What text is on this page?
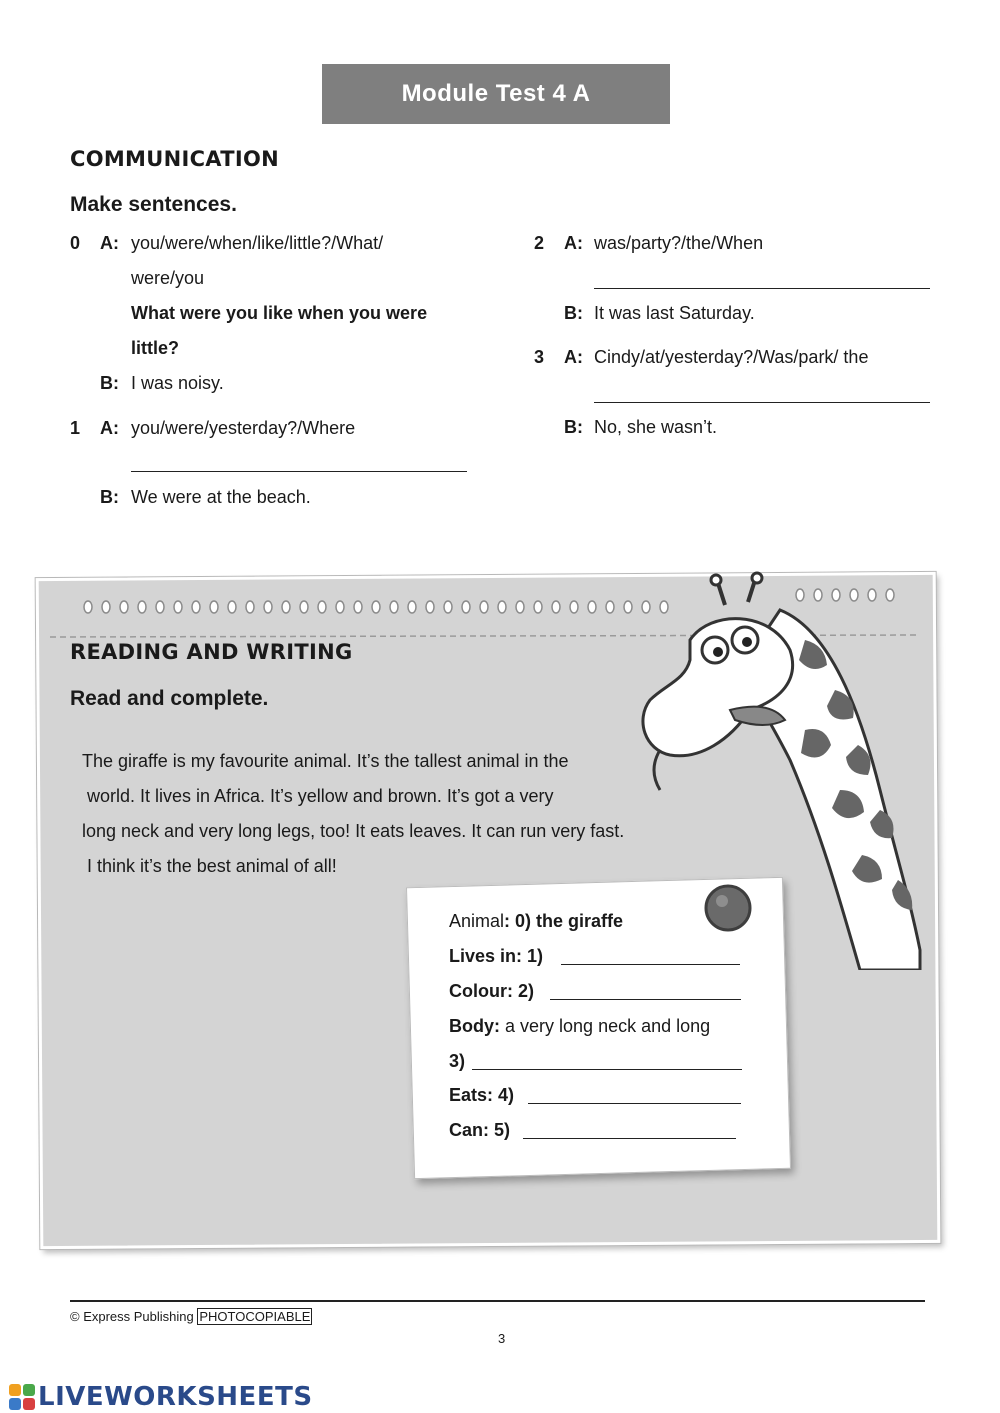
Module Test 4 A
COMMUNICATION
Make sentences.
0 A: you/were/when/like/little?/What/
were/you
What were you like when you were
little?
B: I was noisy.
1 A: you/were/yesterday?/Where
B: We were at the beach.
2 A: was/party?/the/When
B: It was last Saturday.
3 A: Cindy/at/yesterday?/Was/park/ the
B: No, she wasn’t.
READING AND WRITING
Read and complete.
The giraffe is my favourite animal. It’s the tallest animal in the
world. It lives in Africa. It’s yellow and brown. It’s got a very
long neck and very long legs, too! It eats leaves. It can run very fast.
I think it’s the best animal of all!
Animal: 0) the giraffe
Lives in: 1)
Colour: 2)
Body: a very long neck and long
3)
Eats: 4)
Can: 5)
© Express Publishing PHOTOCOPIABLE
3
LIVEWORKSHEETS
